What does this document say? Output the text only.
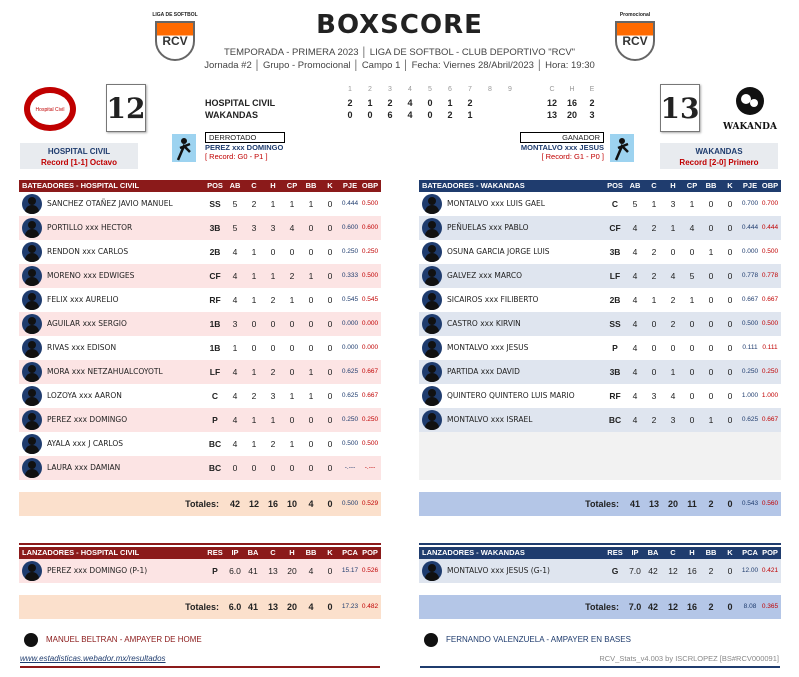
LIGA DE SOFTBOL
RCV
Promocional
RCV
BOXSCORE
TEMPORADA - PRIMERA 2023 │ LIGA DE SOFTBOL - CLUB DEPORTIVO "RCV"
Jornada #2 │ Grupo - Promocional │ Campo 1 │ Fecha: Viernes 28/Abril/2023 │ Hora: 19:30
Hospital Civil
WAKANDA
12	13
1	2	3	4	5	6	7	8	9	C	H	E
HOSPITAL CIVIL	2 1 2 4 0 1 2	12 16	2
WAKANDAS	0 0 6 4 0 2 1	13 20	3
HOSPITAL CIVIL
Record [1-1] Octavo
WAKANDAS
Record [2-0] Primero
DERROTADO
PEREZ xxx DOMINGO
[ Record: G0 - P1 ]
GANADOR
MONTALVO xxx JESUS
[ Record: G1 - P0 ]
BATEADORES - HOSPITAL CIVIL	POS AB	C	H	CP BB	K	PJE OBP
SANCHEZ OTAÑEZ JAVIO MANUEL	SS	5	2	1	1	1	0	0.444 0.500
PORTILLO xxx HECTOR	3B	5	3	3	4	0	0	0.600 0.600
RENDON xxx CARLOS	2B	4	1	0	0	0	0	0.250 0.250
MORENO xxx EDWIGES	CF	4	1	1	2	1	0	0.333 0.500
FELIX xxx AURELIO	RF	4	1	2	1	0	0	0.545 0.545
AGUILAR xxx SERGIO	1B	3	0	0	0	0	0	0.000 0.000
RIVAS xxx EDISON	1B	1	0	0	0	0	0	0.000 0.000
MORA xxx NETZAHUALCOYOTL	LF	4	1	2	0	1	0	0.625 0.667
LOZOYA xxx AARON	C	4	2	3	1	1	0	0.625 0.667
PEREZ xxx DOMINGO	P	4	1	1	0	0	0	0.250 0.250
AYALA xxx J CARLOS	BC	4	1	2	1	0	0	0.500 0.500
LAURA xxx DAMIAN	BC	0	0	0	0	0	0	-.---	-.---
Totales: 42 12 16 10	4	0	0.500 0.529
BATEADORES - WAKANDAS	POS AB	C	H	CP BB	K	PJE OBP
MONTALVO xxx LUIS GAEL	C	5	1	3	1	0	0	0.700 0.700
PEÑUELAS xxx PABLO	CF	4	2	1	4	0	0	0.444 0.444
OSUNA GARCIA JORGE LUIS	3B	4	2	0	0	1	0	0.000 0.500
GALVEZ xxx MARCO	LF	4	2	4	5	0	0	0.778 0.778
SICAIROS xxx FILIBERTO	2B	4	1	2	1	0	0	0.667 0.667
CASTRO xxx KIRVIN	SS	4	0	2	0	0	0	0.500 0.500
MONTALVO xxx JESUS	P	4	0	0	0	0	0	0.111 0.111
PARTIDA xxx DAVID	3B	4	0	1	0	0	0	0.250 0.250
QUINTERO QUINTERO LUIS MARIO	RF	4	3	4	0	0	0	1.000 1.000
MONTALVO xxx ISRAEL	BC	4	2	3	0	1	0	0.625 0.667
Totales: 41 13 20 11	2	0	0.543 0.560
LANZADORES - HOSPITAL CIVIL	RES	IP	BA	C	H	BB	K	PCA POP
PEREZ xxx DOMINGO (P-1)	P	6.0 41	13 20	4	0	15.17 0.526
Totales: 6.0 41	13 20	4	0	17.23 0.482
LANZADORES - WAKANDAS	RES	IP	BA	C	H	BB	K	PCA POP
MONTALVO xxx JESUS (G-1)	G	7.0 42	12 16	2	0	12.00 0.421
Totales: 7.0 42	12 16	2	0	8.08 0.365
MANUEL BELTRAN - AMPAYER DE HOME	FERNANDO VALENZUELA - AMPAYER EN BASES
www.estadisticas.webador.mx/resultados	RCV_Stats_v4.003 by ISCRLOPEZ [BS#RCV000091]
